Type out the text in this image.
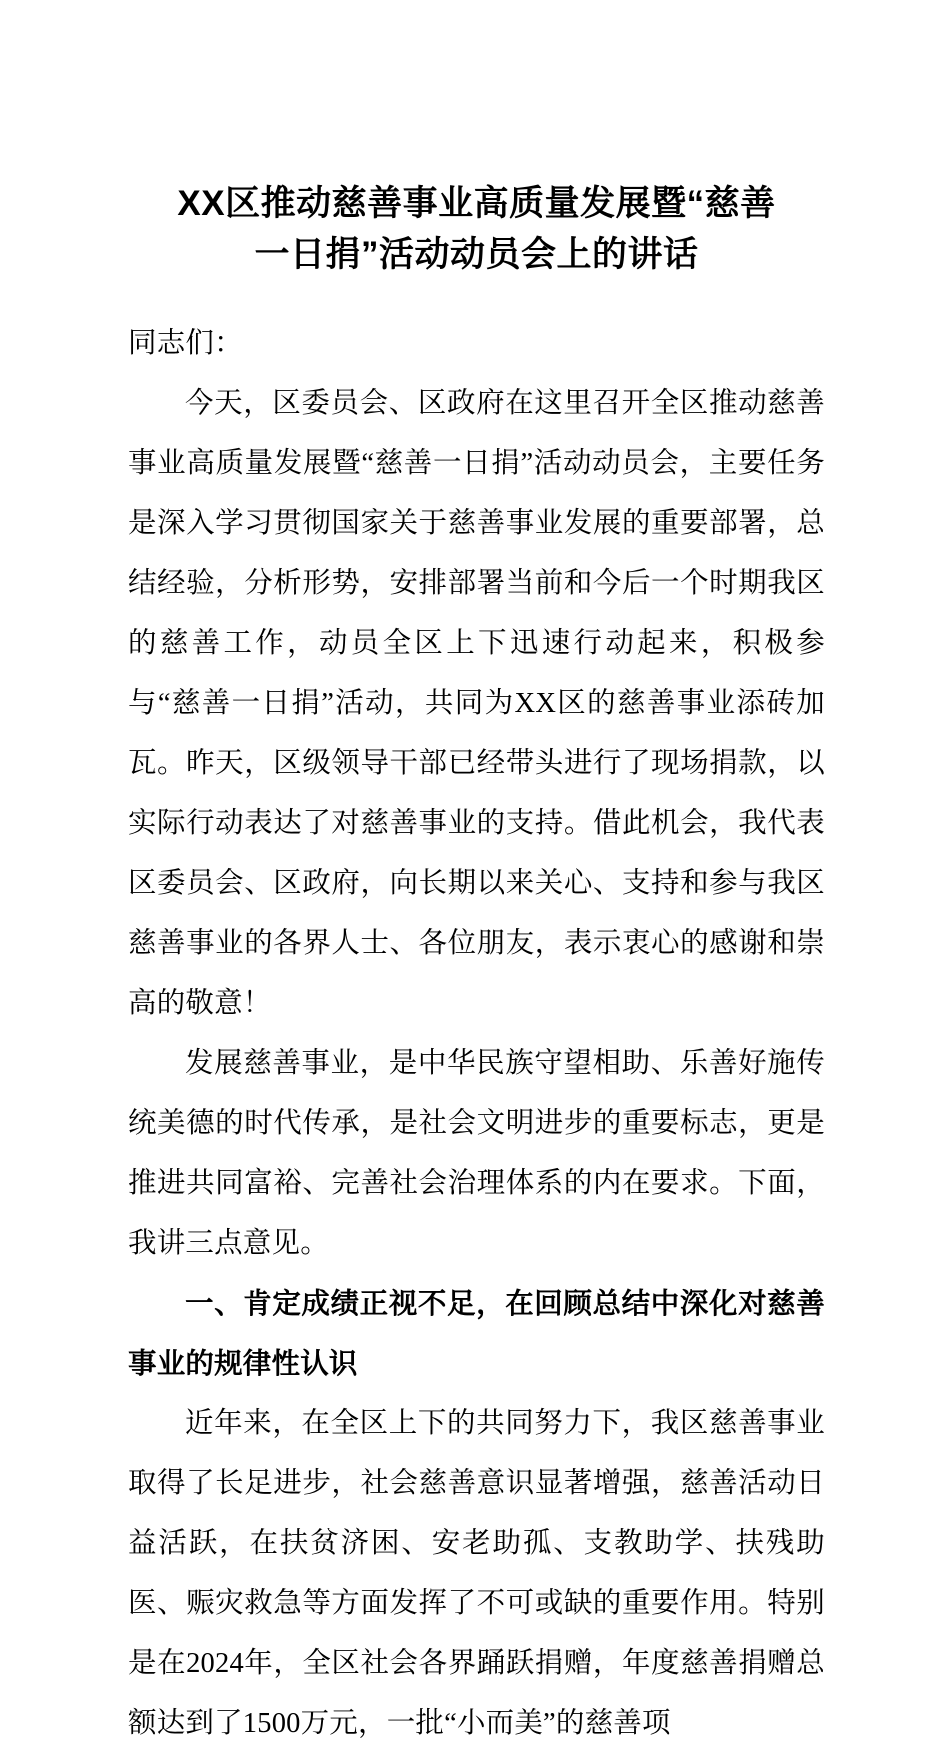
XX区推动慈善事业高质量发展暨“慈善
一日捐”活动动员会上的讲话

同志们：

今天，区委员会、区政府在这里召开全区推动慈善事业高质量发展暨“慈善一日捐”活动动员会，主要任务是深入学习贯彻国家关于慈善事业发展的重要部署，总结经验，分析形势，安排部署当前和今后一个时期我区的慈善工作，动员全区上下迅速行动起来，积极参与“慈善一日捐”活动，共同为XX区的慈善事业添砖加瓦。昨天，区级领导干部已经带头进行了现场捐款，以实际行动表达了对慈善事业的支持。借此机会，我代表区委员会、区政府，向长期以来关心、支持和参与我区慈善事业的各界人士、各位朋友，表示衷心的感谢和崇高的敬意！

发展慈善事业，是中华民族守望相助、乐善好施传统美德的时代传承，是社会文明进步的重要标志，更是推进共同富裕、完善社会治理体系的内在要求。下面，我讲三点意见。

一、肯定成绩正视不足，在回顾总结中深化对慈善事业的规律性认识

近年来，在全区上下的共同努力下，我区慈善事业取得了长足进步，社会慈善意识显著增强，慈善活动日益活跃，在扶贫济困、安老助孤、支教助学、扶残助医、赈灾救急等方面发挥了不可或缺的重要作用。特别是在2024年，全区社会各界踊跃捐赠，年度慈善捐赠总额达到了1500万元，一批“小而美”的慈善项
